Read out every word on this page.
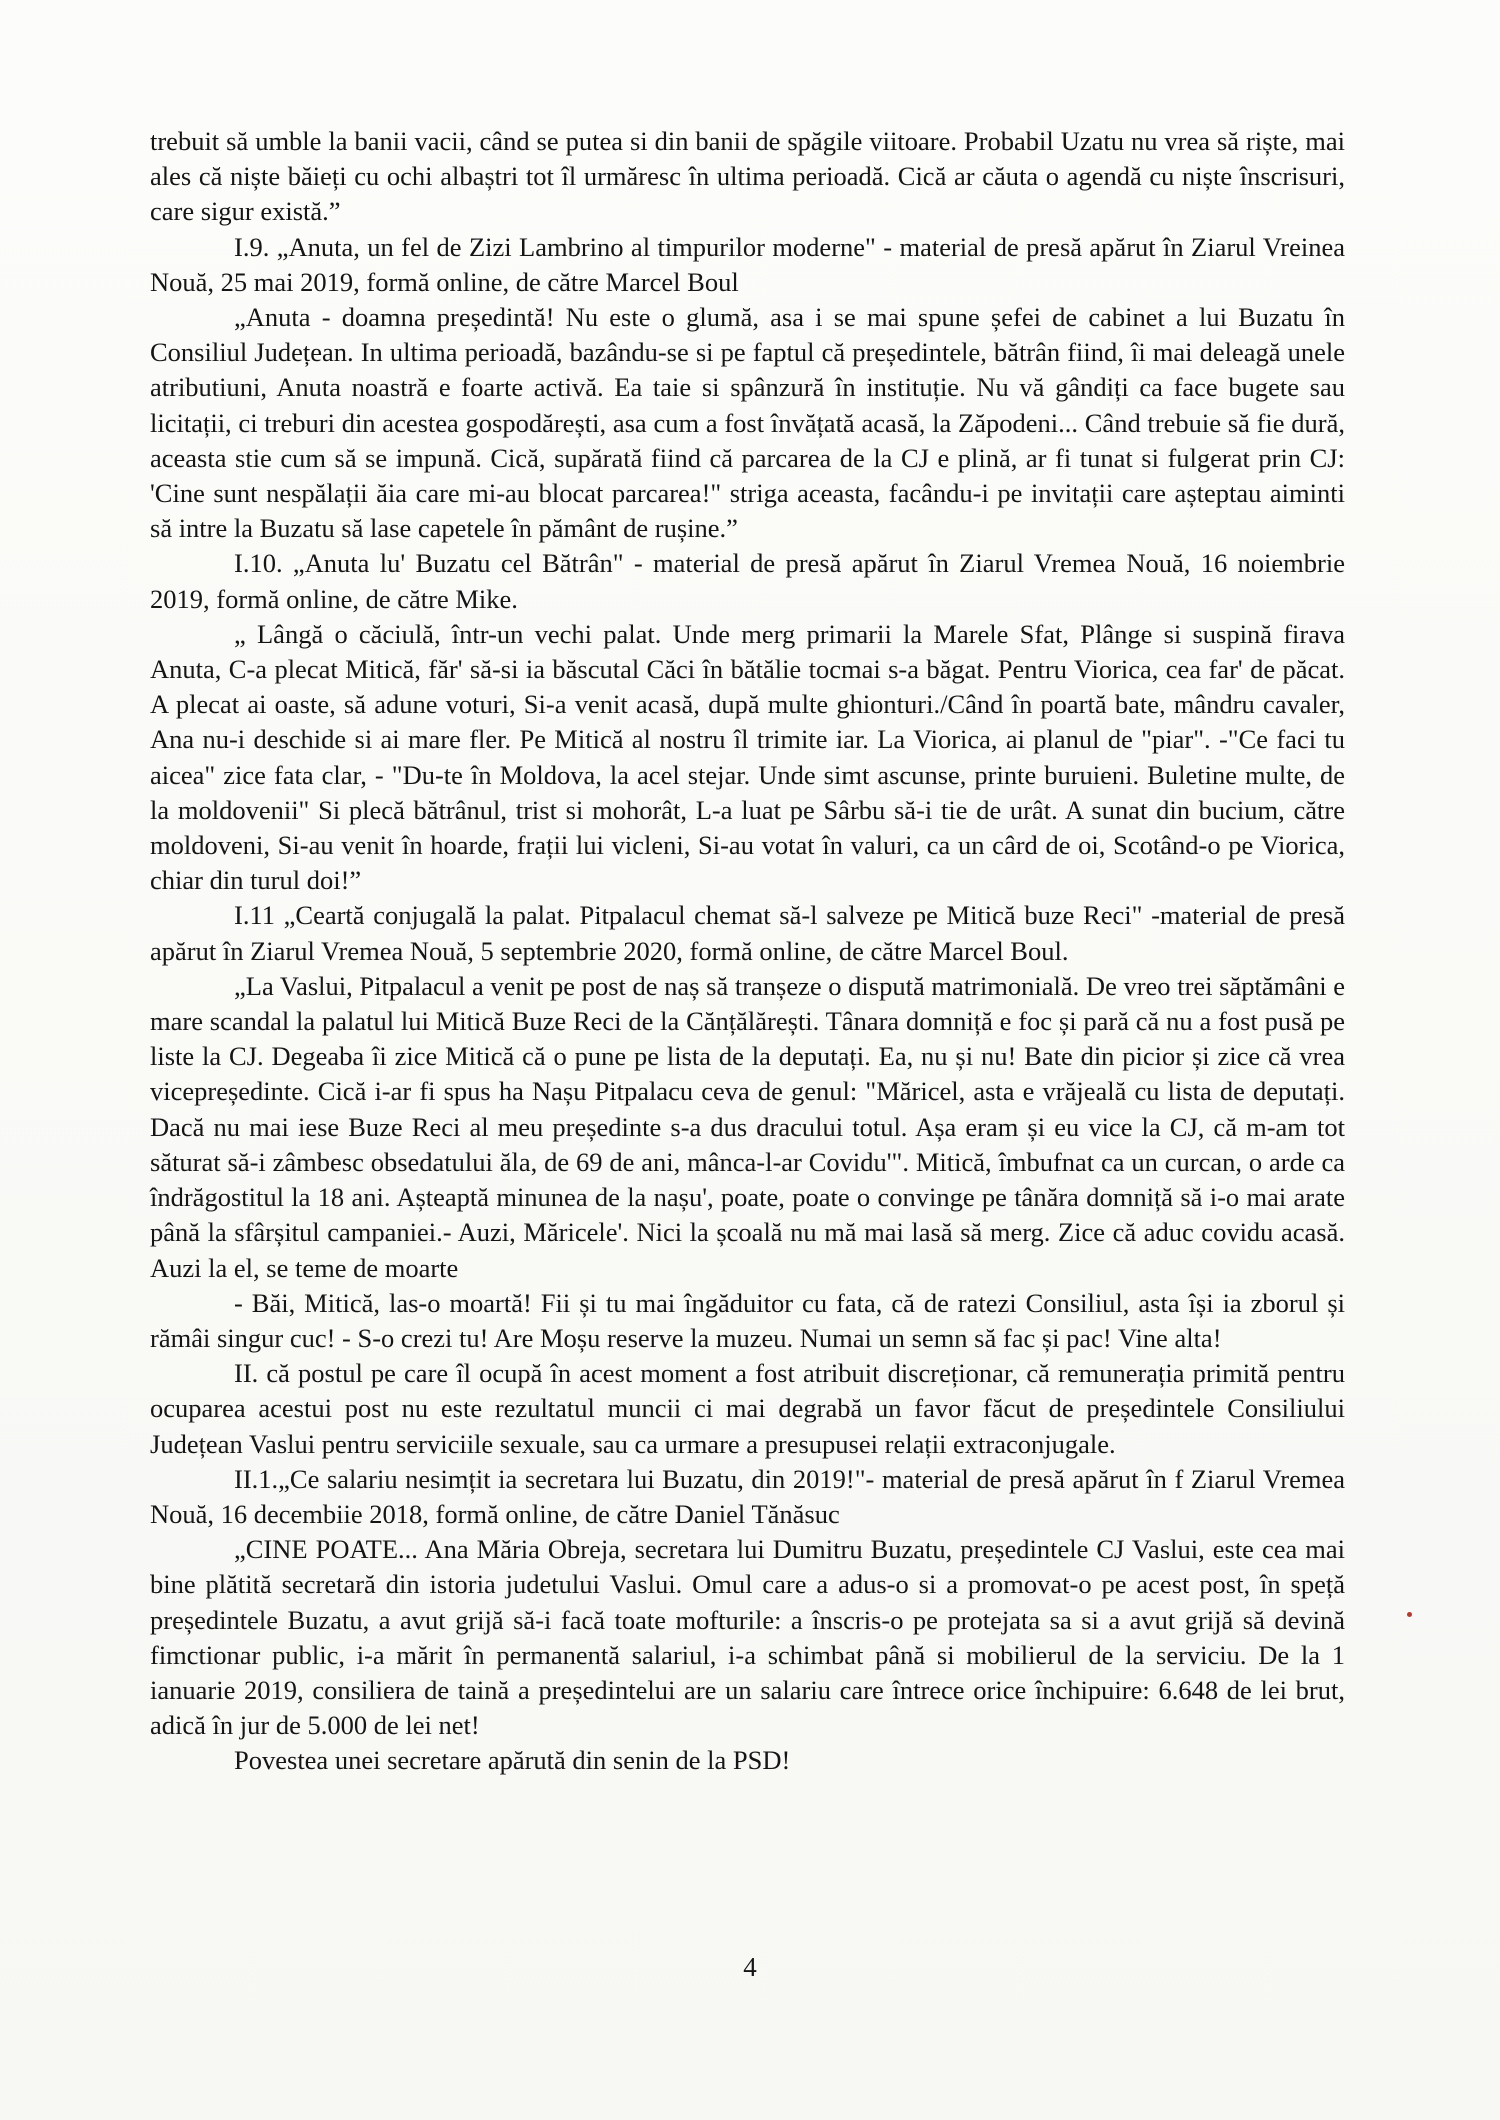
trebuit să umble la banii vacii, când se putea si din banii de spăgile viitoare. Probabil Uzatu nu vrea să riște, mai ales că niște băieți cu ochi albaștri tot îl urmăresc în ultima perioadă. Cică ar căuta o agendă cu niște înscrisuri, care sigur există.”

I.9. „Anuta, un fel de Zizi Lambrino al timpurilor moderne" - material de presă apărut în Ziarul Vreinea Nouă, 25 mai 2019, formă online, de către Marcel Boul

„Anuta - doamna președintă! Nu este o glumă, asa i se mai spune șefei de cabinet a lui Buzatu în Consiliul Județean. In ultima perioadă, bazându-se si pe faptul că președintele, bătrân fiind, îi mai deleagă unele atributiuni, Anuta noastră e foarte activă. Ea taie si spânzură în instituție. Nu vă gândiți ca face bugete sau licitații, ci treburi din acestea gospodărești, asa cum a fost învățată acasă, la Zăpodeni... Când trebuie să fie dură, aceasta stie cum să se impună. Cică, supărată fiind că parcarea de la CJ e plină, ar fi tunat si fulgerat prin CJ: 'Cine sunt nespălații ăia care mi-au blocat parcarea!" striga aceasta, facându-i pe invitații care așteptau aiminti să intre la Buzatu să lase capetele în pământ de rușine.”

I.10. „Anuta lu' Buzatu cel Bătrân" - material de presă apărut în Ziarul Vremea Nouă, 16 noiembrie 2019, formă online, de către Mike.

„ Lângă o căciulă, într-un vechi palat. Unde merg primarii la Marele Sfat, Plânge si suspină firava Anuta, C-a plecat Mitică, făr' să-si ia băscutal Căci în bătălie tocmai s-a băgat. Pentru Viorica, cea far' de păcat. A plecat ai oaste, să adune voturi, Si-a venit acasă, după multe ghionturi./Când în poartă bate, mândru cavaler, Ana nu-i deschide si ai mare fler. Pe Mitică al nostru îl trimite iar. La Viorica, ai planul de "piar". -"Ce faci tu aicea" zice fata clar, - "Du-te în Moldova, la acel stejar. Unde simt ascunse, printe buruieni. Buletine multe, de la moldovenii" Si plecă bătrânul, trist si mohorât, L-a luat pe Sârbu să-i tie de urât. A sunat din bucium, către moldoveni, Si-au venit în hoarde, frații lui vicleni, Si-au votat în valuri, ca un cârd de oi, Scotând-o pe Viorica, chiar din turul doi!”

I.11 „Ceartă conjugală la palat. Pitpalacul chemat să-l salveze pe Mitică buze Reci" -material de presă apărut în Ziarul Vremea Nouă, 5 septembrie 2020, formă online, de către Marcel Boul.

„La Vaslui, Pitpalacul a venit pe post de naș să tranșeze o dispută matrimonială. De vreo trei săptămâni e mare scandal la palatul lui Mitică Buze Reci de la Cănțălărești. Tânara domniță e foc și pară că nu a fost pusă pe liste la CJ. Degeaba îi zice Mitică că o pune pe lista de la deputați. Ea, nu și nu! Bate din picior și zice că vrea vicepreședinte. Cică i-ar fi spus ha Nașu Pitpalacu ceva de genul: "Măricel, asta e vrăjeală cu lista de deputați. Dacă nu mai iese Buze Reci al meu președinte s-a dus dracului totul. Așa eram și eu vice la CJ, că m-am tot săturat să-i zâmbesc obsedatului ăla, de 69 de ani, mânca-l-ar Covidu'". Mitică, îmbufnat ca un curcan, o arde ca îndrăgostitul la 18 ani. Așteaptă minunea de la nașu', poate, poate o convinge pe tânăra domniță să i-o mai arate până la sfârșitul campaniei.- Auzi, Măricele'. Nici la școală nu mă mai lasă să merg. Zice că aduc covidu acasă. Auzi la el, se teme de moarte

- Băi, Mitică, las-o moartă! Fii și tu mai îngăduitor cu fata, că de ratezi Consiliul, asta își ia zborul și rămâi singur cuc! - S-o crezi tu! Are Moșu reserve la muzeu. Numai un semn să fac și pac! Vine alta!

II. că postul pe care îl ocupă în acest moment a fost atribuit discreționar, că remunerația primită pentru ocuparea acestui post nu este rezultatul muncii ci mai degrabă un favor făcut de președintele Consiliului Județean Vaslui pentru serviciile sexuale, sau ca urmare a presupusei relații extraconjugale.

II.1.„Ce salariu nesimțit ia secretara lui Buzatu, din 2019!"- material de presă apărut în f Ziarul Vremea Nouă, 16 decembiie 2018, formă online, de către Daniel Tănăsuc

„CINE POATE... Ana Măria Obreja, secretara lui Dumitru Buzatu, președintele CJ Vaslui, este cea mai bine plătită secretară din istoria judetului Vaslui. Omul care a adus-o si a promovat-o pe acest post, în speță președintele Buzatu, a avut grijă să-i facă toate mofturile: a înscris-o pe protejata sa si a avut grijă să devină fimctionar public, i-a mărit în permanentă salariul, i-a schimbat până si mobilierul de la serviciu. De la 1 ianuarie 2019, consiliera de taină a președintelui are un salariu care întrece orice închipuire: 6.648 de lei brut, adică în jur de 5.000 de lei net!

Povestea unei secretare apărută din senin de la PSD!

4
